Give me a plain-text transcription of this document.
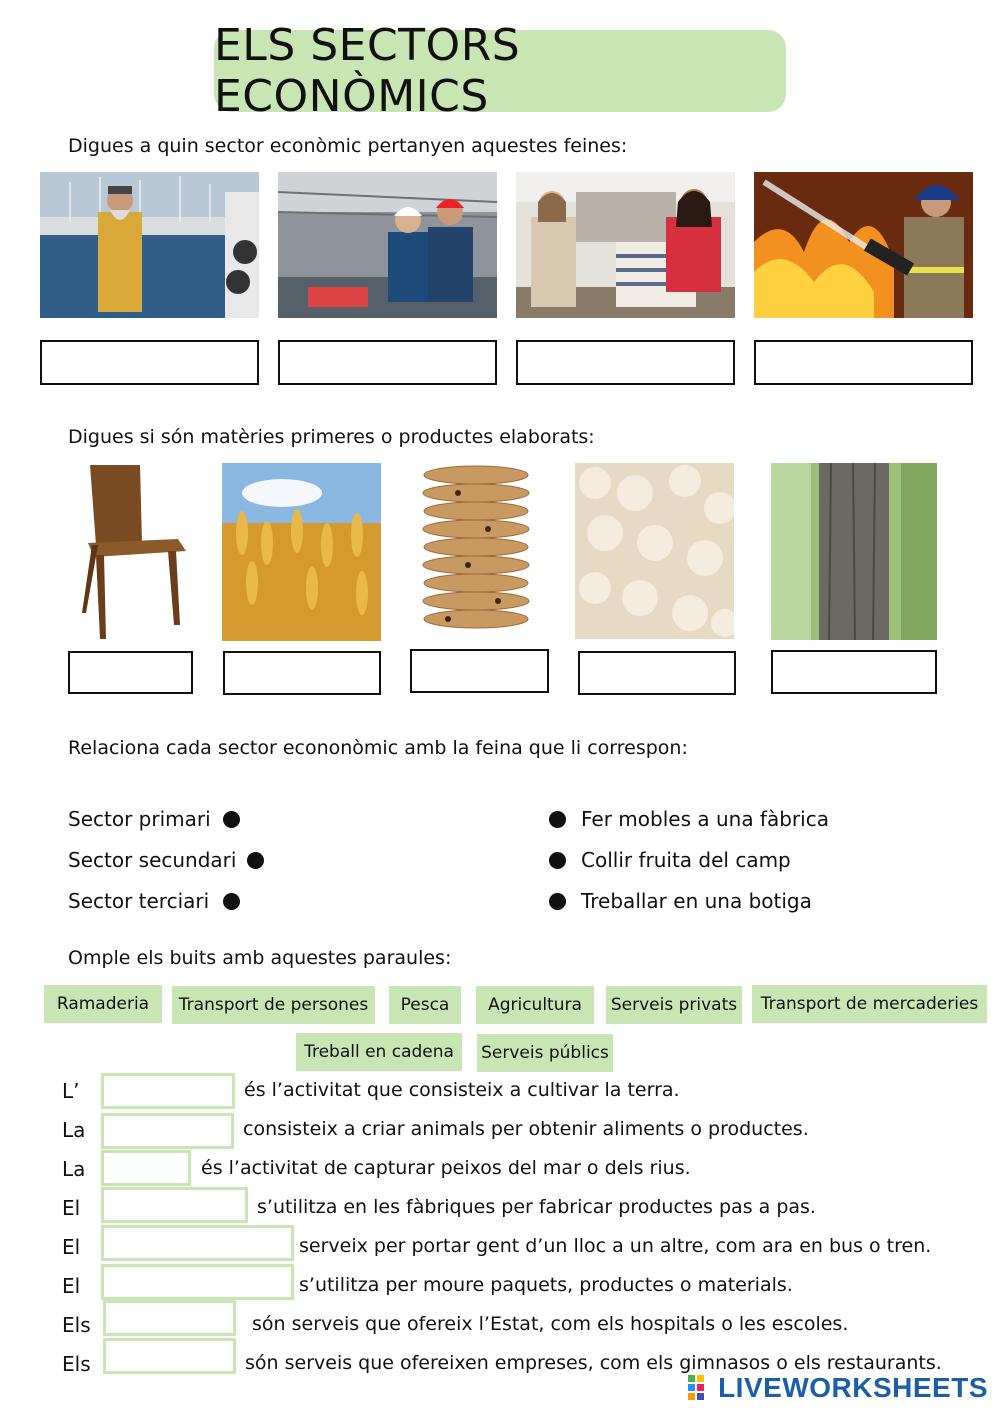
ELS SECTORS ECONÒMICS
Digues a quin sector econòmic pertanyen aquestes feines:
Digues si són matèries primeres o productes elaborats:
Relaciona cada sector econonòmic amb la feina que li correspon:
Sector primari
Sector secundari
Sector terciari
Fer mobles a una fàbrica
Collir fruita del camp
Treballar en una botiga
Omple els buits amb aquestes paraules:
Ramaderia	Transport de persones	Pesca	Agricultura	Serveis privats	Transport de mercaderies
Treball en cadena	Serveis públics
L’	és l’activitat que consisteix a cultivar la terra.
La	consisteix a criar animals per obtenir aliments o productes.
La	és l’activitat de capturar peixos del mar o dels rius.
El	s’utilitza en les fàbriques per fabricar productes pas a pas.
El	serveix per portar gent d’un lloc a un altre, com ara en bus o tren.
El	s’utilitza per moure paquets, productes o materials.
Els	són serveis que ofereix l’Estat, com els hospitals o les escoles.
Els	són serveis que ofereixen empreses, com els gimnasos o els restaurants.
LIVEWORKSHEETS
